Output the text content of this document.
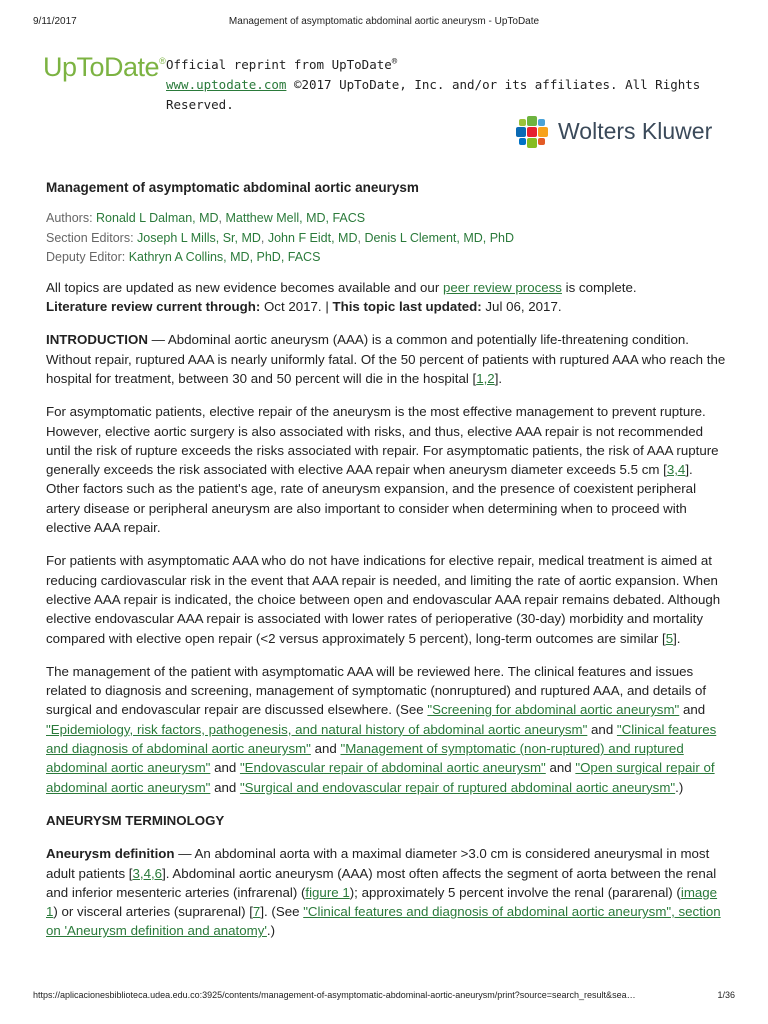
9/11/2017	Management of asymptomatic abdominal aortic aneurysm - UpToDate
UpToDate® Official reprint from UpToDate®
www.uptodate.com ©2017 UpToDate, Inc. and/or its affiliates. All Rights Reserved.
Wolters Kluwer
Management of asymptomatic abdominal aortic aneurysm
Authors: Ronald L Dalman, MD, Matthew Mell, MD, FACS
Section Editors: Joseph L Mills, Sr, MD, John F Eidt, MD, Denis L Clement, MD, PhD
Deputy Editor: Kathryn A Collins, MD, PhD, FACS

All topics are updated as new evidence becomes available and our peer review process is complete.
Literature review current through: Oct 2017. | This topic last updated: Jul 06, 2017.

INTRODUCTION — Abdominal aortic aneurysm (AAA) is a common and potentially life-threatening condition. Without repair, ruptured AAA is nearly uniformly fatal. Of the 50 percent of patients with ruptured AAA who reach the hospital for treatment, between 30 and 50 percent will die in the hospital [1,2].

For asymptomatic patients, elective repair of the aneurysm is the most effective management to prevent rupture. However, elective aortic surgery is also associated with risks, and thus, elective AAA repair is not recommended until the risk of rupture exceeds the risks associated with repair. For asymptomatic patients, the risk of AAA rupture generally exceeds the risk associated with elective AAA repair when aneurysm diameter exceeds 5.5 cm [3,4]. Other factors such as the patient's age, rate of aneurysm expansion, and the presence of coexistent peripheral artery disease or peripheral aneurysm are also important to consider when determining when to proceed with elective AAA repair.

For patients with asymptomatic AAA who do not have indications for elective repair, medical treatment is aimed at reducing cardiovascular risk in the event that AAA repair is needed, and limiting the rate of aortic expansion. When elective AAA repair is indicated, the choice between open and endovascular AAA repair remains debated. Although elective endovascular AAA repair is associated with lower rates of perioperative (30-day) morbidity and mortality compared with elective open repair (<2 versus approximately 5 percent), long-term outcomes are similar [5].

The management of the patient with asymptomatic AAA will be reviewed here. The clinical features and issues related to diagnosis and screening, management of symptomatic (nonruptured) and ruptured AAA, and details of surgical and endovascular repair are discussed elsewhere. (See "Screening for abdominal aortic aneurysm" and "Epidemiology, risk factors, pathogenesis, and natural history of abdominal aortic aneurysm" and "Clinical features and diagnosis of abdominal aortic aneurysm" and "Management of symptomatic (non-ruptured) and ruptured abdominal aortic aneurysm" and "Endovascular repair of abdominal aortic aneurysm" and "Open surgical repair of abdominal aortic aneurysm" and "Surgical and endovascular repair of ruptured abdominal aortic aneurysm".)

ANEURYSM TERMINOLOGY

Aneurysm definition — An abdominal aorta with a maximal diameter >3.0 cm is considered aneurysmal in most adult patients [3,4,6]. Abdominal aortic aneurysm (AAA) most often affects the segment of aorta between the renal and inferior mesenteric arteries (infrarenal) (figure 1); approximately 5 percent involve the renal (pararenal) (image 1) or visceral arteries (suprarenal) [7]. (See "Clinical features and diagnosis of abdominal aortic aneurysm", section on 'Aneurysm definition and anatomy'.)

https://aplicacionesbiblioteca.udea.edu.co:3925/contents/management-of-asymptomatic-abdominal-aortic-aneurysm/print?source=search_result&sea…	1/36
